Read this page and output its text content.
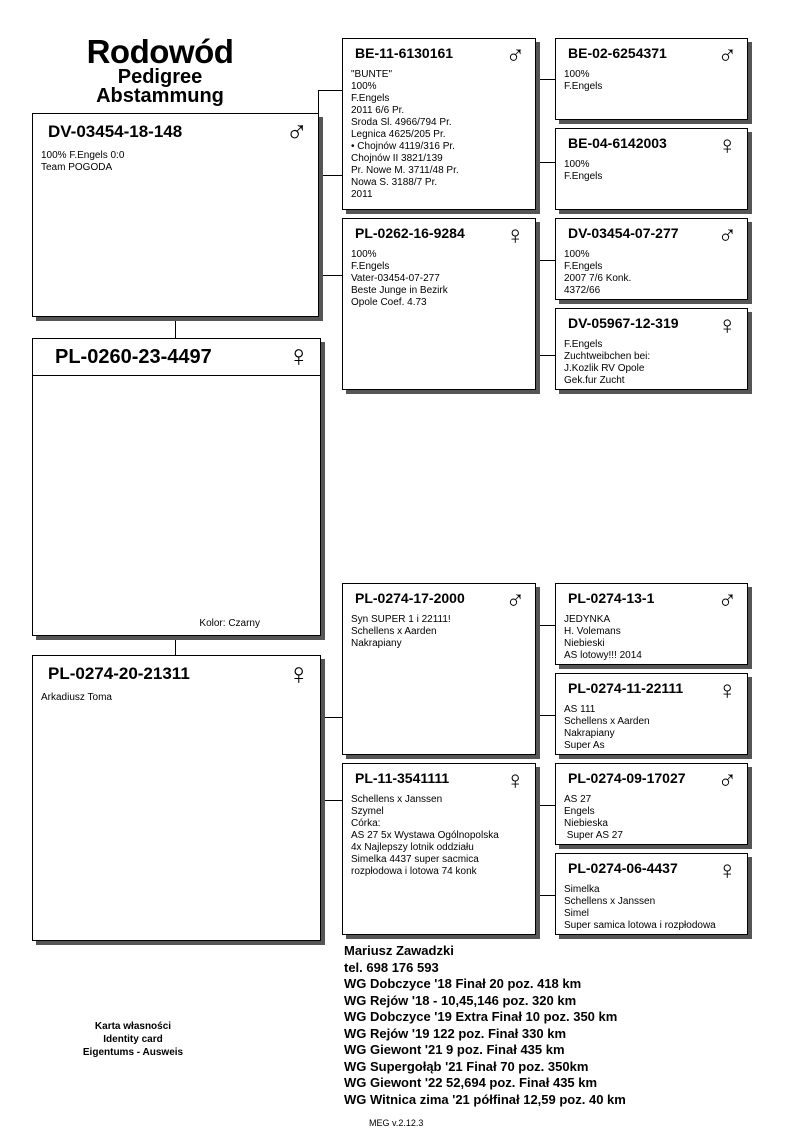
Rodowód
Pedigree
Abstammung
DV-03454-18-148	♂
100% F.Engels 0:0
Team POGODA
PL-0260-23-4497	♀
Kolor: Czarny
PL-0274-20-21311	♀
Arkadiusz Toma
BE-11-6130161 ♂
"BUNTE"
100%
F.Engels
2011 6/6 Pr.
Sroda Sl. 4966/794 Pr.
Legnica 4625/205 Pr.
• Chojnów 4119/316 Pr.
Chojnów II 3821/139
Pr. Nowe M. 3711/48 Pr.
Nowa S. 3188/7 Pr.
2011
PL-0262-16-9284 ♀
100%
F.Engels
Vater-03454-07-277
Beste Junge in Bezirk
Opole Coef. 4.73
PL-0274-17-2000 ♂
Syn SUPER 1 i 22111!
Schellens x Aarden
Nakrapiany
PL-11-3541111 ♀
Schellens x Janssen
Szymel
Córka:
AS 27 5x Wystawa Ogólnopolska
4x Najlepszy lotnik oddziału
Simelka 4437 super sacmica
rozpłodowa i lotowa 74 konk
BE-02-6254371 ♂
100%
F.Engels
BE-04-6142003 ♀
100%
F.Engels
DV-03454-07-277 ♂
100%
F.Engels
2007 7/6 Konk.
4372/66
DV-05967-12-319 ♀
F.Engels
Zuchtweibchen bei:
J.Kozlik RV Opole
Gek.fur Zucht
PL-0274-13-1 ♂
JEDYNKA
H. Volemans
Niebieski
AS lotowy!!! 2014
PL-0274-11-22111 ♀
AS 111
Schellens x Aarden
Nakrapiany
Super As
PL-0274-09-17027 ♂
AS 27
Engels
Niebieska
Super AS 27
PL-0274-06-4437 ♀
Simelka
Schellens x Janssen
Simel
Super samica lotowa i rozpłodowa
Karta własności
Identity card
Eigentums - Ausweis
Mariusz Zawadzki
tel. 698 176 593
WG Dobczyce '18 Finał 20 poz. 418 km
WG Rejów '18 - 10,45,146 poz. 320 km
WG Dobczyce '19 Extra Finał 10 poz. 350 km
WG Rejów '19 122 poz. Finał 330 km
WG Giewont '21 9 poz. Finał 435 km
WG Supergołąb '21 Finał 70 poz. 350km
WG Giewont '22 52,694 poz. Finał 435 km
WG Witnica zima '21 półfinał 12,59 poz. 40 km
MEG v.2.12.3
